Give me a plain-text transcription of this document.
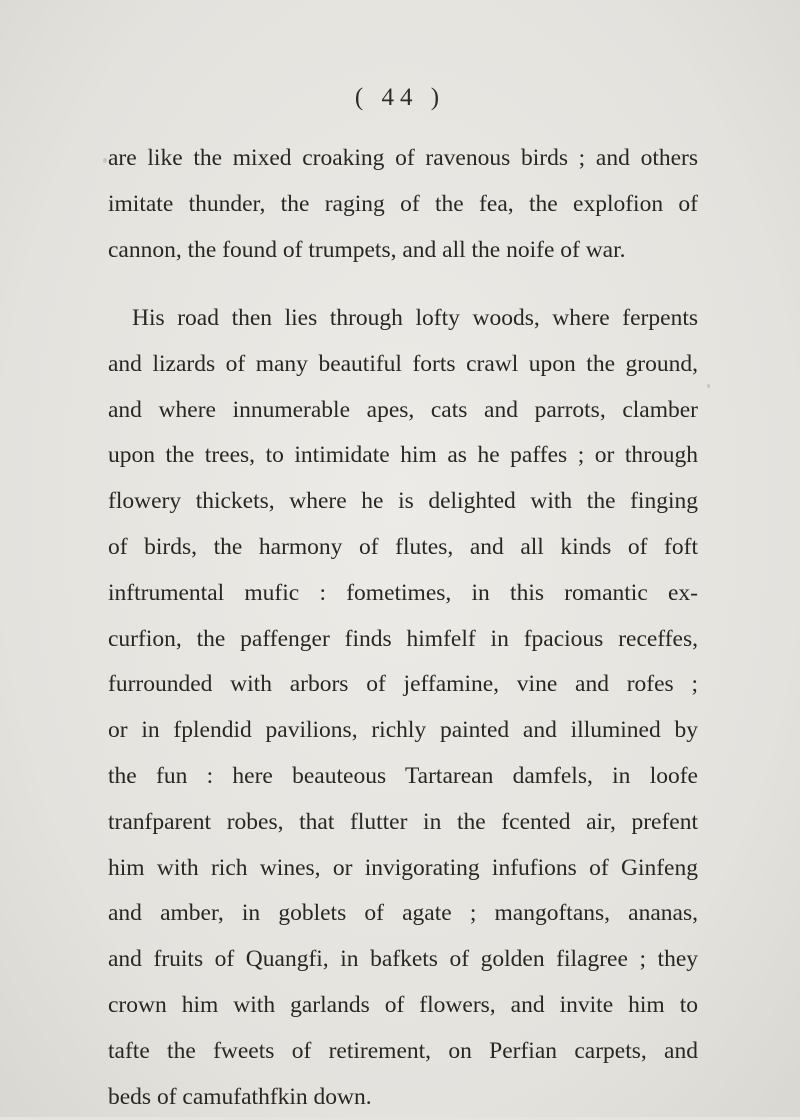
( 44 )

are like the mixed croaking of ravenous birds ; and others
imitate thunder, the raging of the fea, the explofion of
cannon, the found of trumpets, and all the noife of war.

His road then lies through lofty woods, where ferpents
and lizards of many beautiful forts crawl upon the ground,
and where innumerable apes, cats and parrots, clamber
upon the trees, to intimidate him as he paffes ; or through
flowery thickets, where he is delighted with the finging
of birds, the harmony of flutes, and all kinds of foft
inftrumental mufic : fometimes, in this romantic ex-
curfion, the paffenger finds himfelf in fpacious receffes,
furrounded with arbors of jeffamine, vine and rofes ;
or in fplendid pavilions, richly painted and illumined by
the fun : here beauteous Tartarean damfels, in loofe
tranfparent robes, that flutter in the fcented air, prefent
him with rich wines, or invigorating infufions of Ginfeng
and amber, in goblets of agate ; mangoftans, ananas,
and fruits of Quangfi, in bafkets of golden filagree ; they
crown him with garlands of flowers, and invite him to
tafte the fweets of retirement, on Perfian carpets, and
beds of camufathfkin down.
